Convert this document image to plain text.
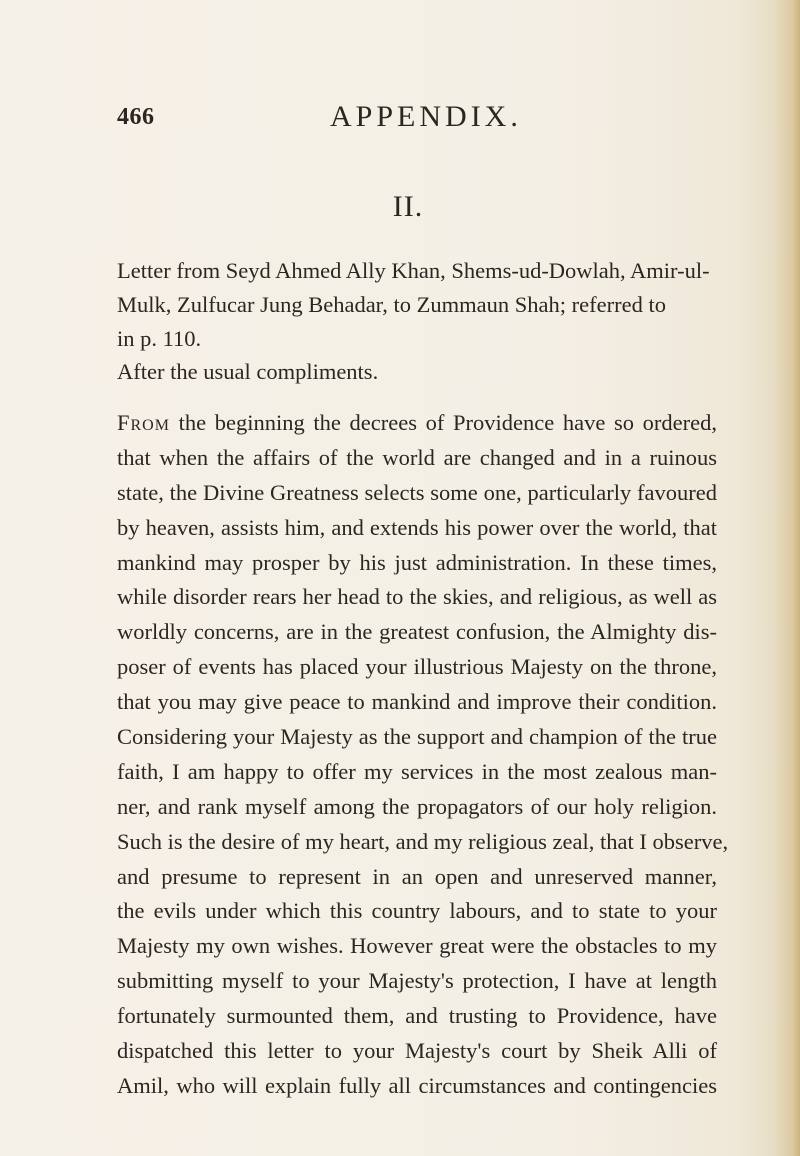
466	APPENDIX.
II.
Letter from Seyd Ahmed Ally Khan, Shems-ud-Dowlah, Amir-ul-
Mulk, Zulfucar Jung Behadar, to Zummaun Shah; referred to
in p. 110.
After the usual compliments.
From the beginning the decrees of Providence have so ordered,
that when the affairs of the world are changed and in a ruinous
state, the Divine Greatness selects some one, particularly favoured
by heaven, assists him, and extends his power over the world, that
mankind may prosper by his just administration. In these times,
while disorder rears her head to the skies, and religious, as well as
worldly concerns, are in the greatest confusion, the Almighty dis-
poser of events has placed your illustrious Majesty on the throne,
that you may give peace to mankind and improve their condition.
Considering your Majesty as the support and champion of the true
faith, I am happy to offer my services in the most zealous man-
ner, and rank myself among the propagators of our holy religion.
Such is the desire of my heart, and my religious zeal, that I observe,
and presume to represent in an open and unreserved manner,
the evils under which this country labours, and to state to your
Majesty my own wishes. However great were the obstacles to my
submitting myself to your Majesty's protection, I have at length
fortunately surmounted them, and trusting to Providence, have
dispatched this letter to your Majesty's court by Sheik Alli of
Amil, who will explain fully all circumstances and contingencies
